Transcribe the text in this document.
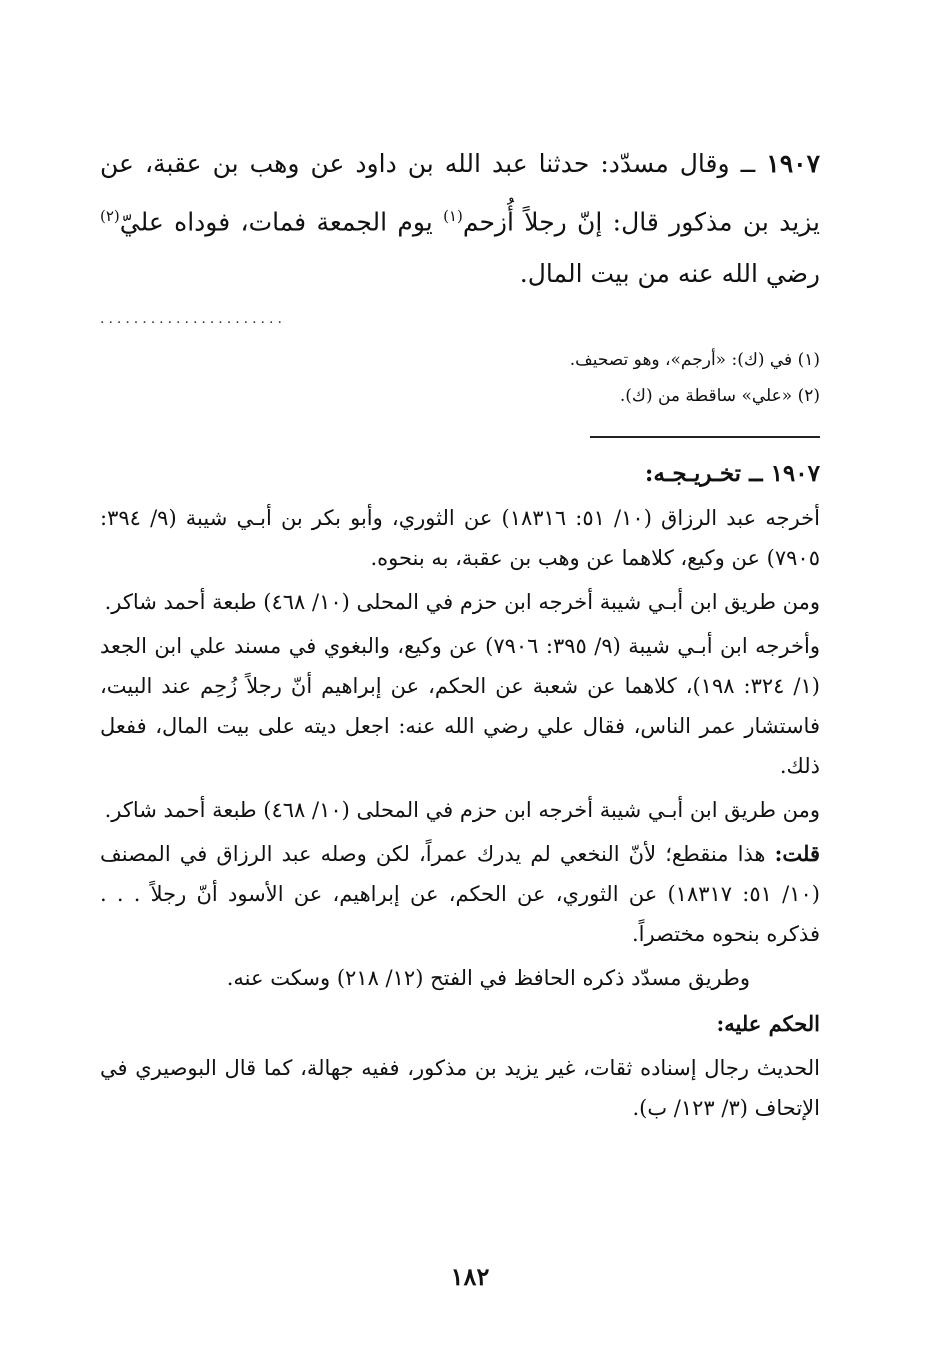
١٩٠٧ ــ وقال مسدّد: حدثنا عبد الله بن داود عن وهب بن عقبة، عن يزيد بن مذكور قال: إنّ رجلاً أُزحم$^{(١)}$ يوم الجمعة فمات، فوداه عليّ$^{(٢)}$ رضي الله عنه من بيت المال.

......................
(١) في (ك): «أرجم»، وهو تصحيف.
(٢) «علي» ساقطة من (ك).
١٩٠٧ ــ تخـريـجـه:

أخرجه عبد الرزاق (١٠/ ٥١: ١٨٣١٦) عن الثوري، وأبو بكر بن أبـي شيبة (٩/ ٣٩٤: ٧٩٠٥) عن وكيع، كلاهما عن وهب بن عقبة، به بنحوه.

ومن طريق ابن أبـي شيبة أخرجه ابن حزم في المحلى (١٠/ ٤٦٨) طبعة أحمد شاكر.

وأخرجه ابن أبـي شيبة (٩/ ٣٩٥: ٧٩٠٦) عن وكيع، والبغوي في مسند علي ابن الجعد (١/ ٣٢٤: ١٩٨)، كلاهما عن شعبة عن الحكم، عن إبراهيم أنّ رجلاً زُحِم عند البيت، فاستشار عمر الناس، فقال علي رضي الله عنه: اجعل ديته على بيت المال، ففعل ذلك.

ومن طريق ابن أبـي شيبة أخرجه ابن حزم في المحلى (١٠/ ٤٦٨) طبعة أحمد شاكر.

قلت: هذا منقطع؛ لأنّ النخعي لم يدرك عمراً، لكن وصله عبد الرزاق في المصنف (١٠/ ٥١: ١٨٣١٧) عن الثوري، عن الحكم، عن إبراهيم، عن الأسود أنّ رجلاً . . . فذكره بنحوه مختصراً.

وطريق مسدّد ذكره الحافظ في الفتح (١٢/ ٢١٨) وسكت عنه.

الحكم عليه:

الحديث رجال إسناده ثقات، غير يزيد بن مذكور، ففيه جهالة، كما قال البوصيري في الإتحاف (٣/ ١٢٣/ ب).

١٨٢
